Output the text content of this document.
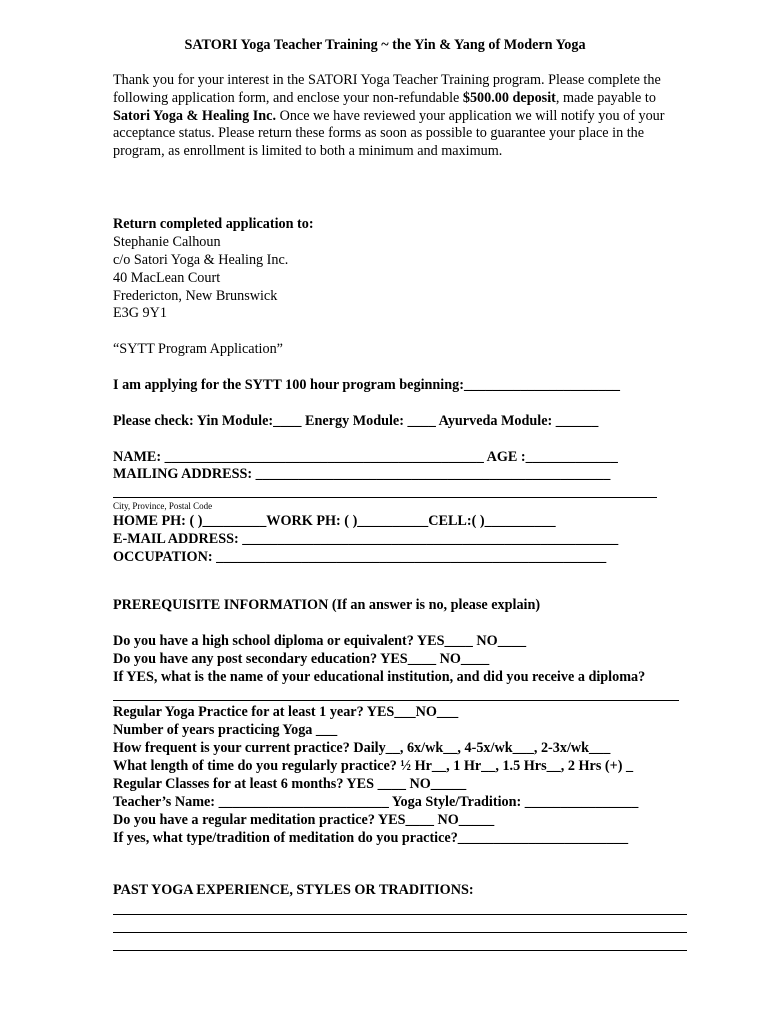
SATORI Yoga Teacher Training ~ the Yin & Yang of Modern Yoga
Thank you for your interest in the SATORI Yoga Teacher Training program. Please complete the following application form, and enclose your non-refundable $500.00 deposit, made payable to Satori Yoga & Healing Inc. Once we have reviewed your application we will notify you of your acceptance status. Please return these forms as soon as possible to guarantee your place in the program, as enrollment is limited to both a minimum and maximum.
Return completed application to:
Stephanie Calhoun
c/o Satori Yoga & Healing Inc.
40 MacLean Court
Fredericton, New Brunswick
E3G 9Y1
“SYTT Program Application”
I am applying for the SYTT 100 hour program beginning:______________________
Please check: Yin Module:____ Energy Module: ____ Ayurveda Module: ______
NAME: _____________________________________________ AGE :_____________
MAILING ADDRESS: __________________________________________________
City, Province, Postal Code
HOME PH: ( )_________WORK PH: ( )__________CELL:( )__________
E-MAIL ADDRESS: _____________________________________________________
OCCUPATION: _______________________________________________________
PREREQUISITE INFORMATION (If an answer is no, please explain)
Do you have a high school diploma or equivalent? YES____ NO____
Do you have any post secondary education? YES____ NO____
If YES, what is the name of your educational institution, and did you receive a diploma?
Regular Yoga Practice for at least 1 year? YES___NO___
Number of years practicing Yoga ___
How frequent is your current practice? Daily__, 6x/wk__, 4-5x/wk___, 2-3x/wk___
What length of time do you regularly practice? ½ Hr__, 1 Hr__, 1.5 Hrs__, 2 Hrs (+) _
Regular Classes for at least 6 months? YES ____ NO_____
Teacher’s Name: ________________________ Yoga Style/Tradition: ________________
Do you have a regular meditation practice? YES____ NO_____
If yes, what type/tradition of meditation do you practice?________________________
PAST YOGA EXPERIENCE, STYLES OR TRADITIONS:
